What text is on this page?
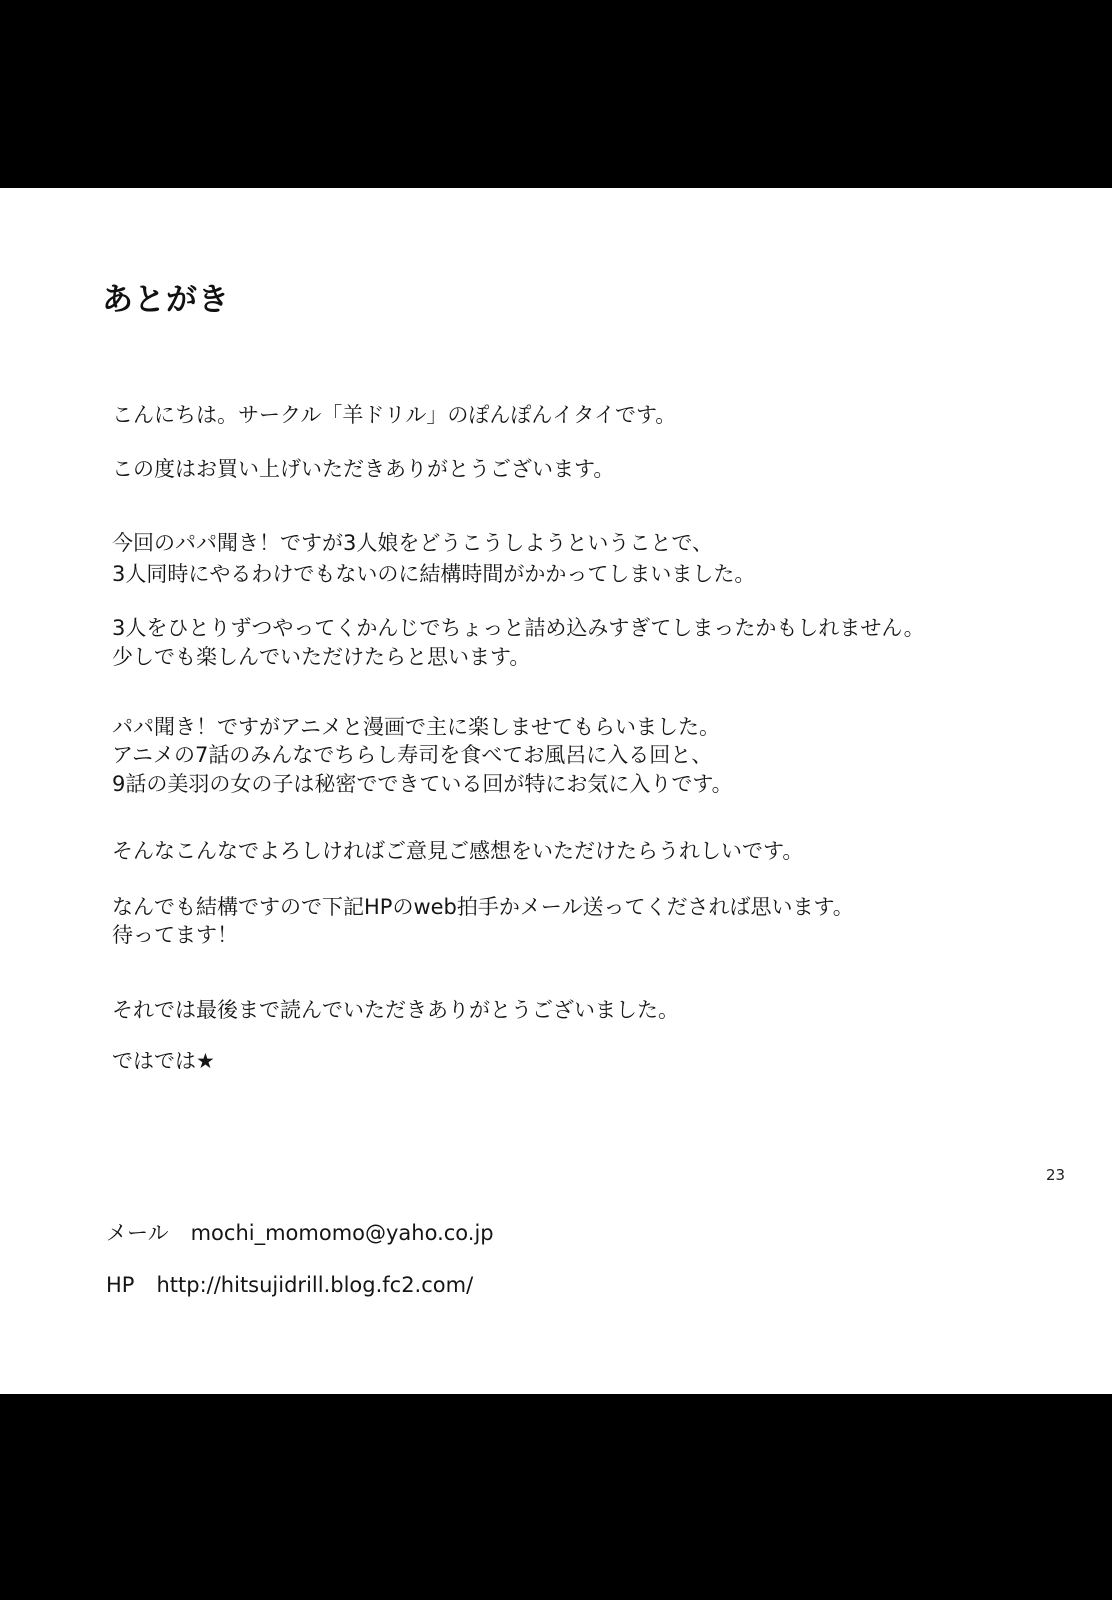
あとがき
こんにちは。サークル「羊ドリル」のぽんぽんイタイです。
この度はお買い上げいただきありがとうございます。
今回のパパ聞き！ですが3人娘をどうこうしようということで、
3人同時にやるわけでもないのに結構時間がかかってしまいました。
3人をひとりずつやってくかんじでちょっと詰め込みすぎてしまったかもしれません。
少しでも楽しんでいただけたらと思います。
パパ聞き！ですがアニメと漫画で主に楽しませてもらいました。
アニメの7話のみんなでちらし寿司を食べてお風呂に入る回と、
9話の美羽の女の子は秘密でできている回が特にお気に入りです。
そんなこんなでよろしければご意見ご感想をいただけたらうれしいです。
なんでも結構ですので下記HPのweb拍手かメール送ってくだされば思います。
待ってます！
それでは最後まで読んでいただきありがとうございました。
ではでは★
メール mochi_momomo@yaho.co.jp
HP http://hitsujidrill.blog.fc2.com/
23
